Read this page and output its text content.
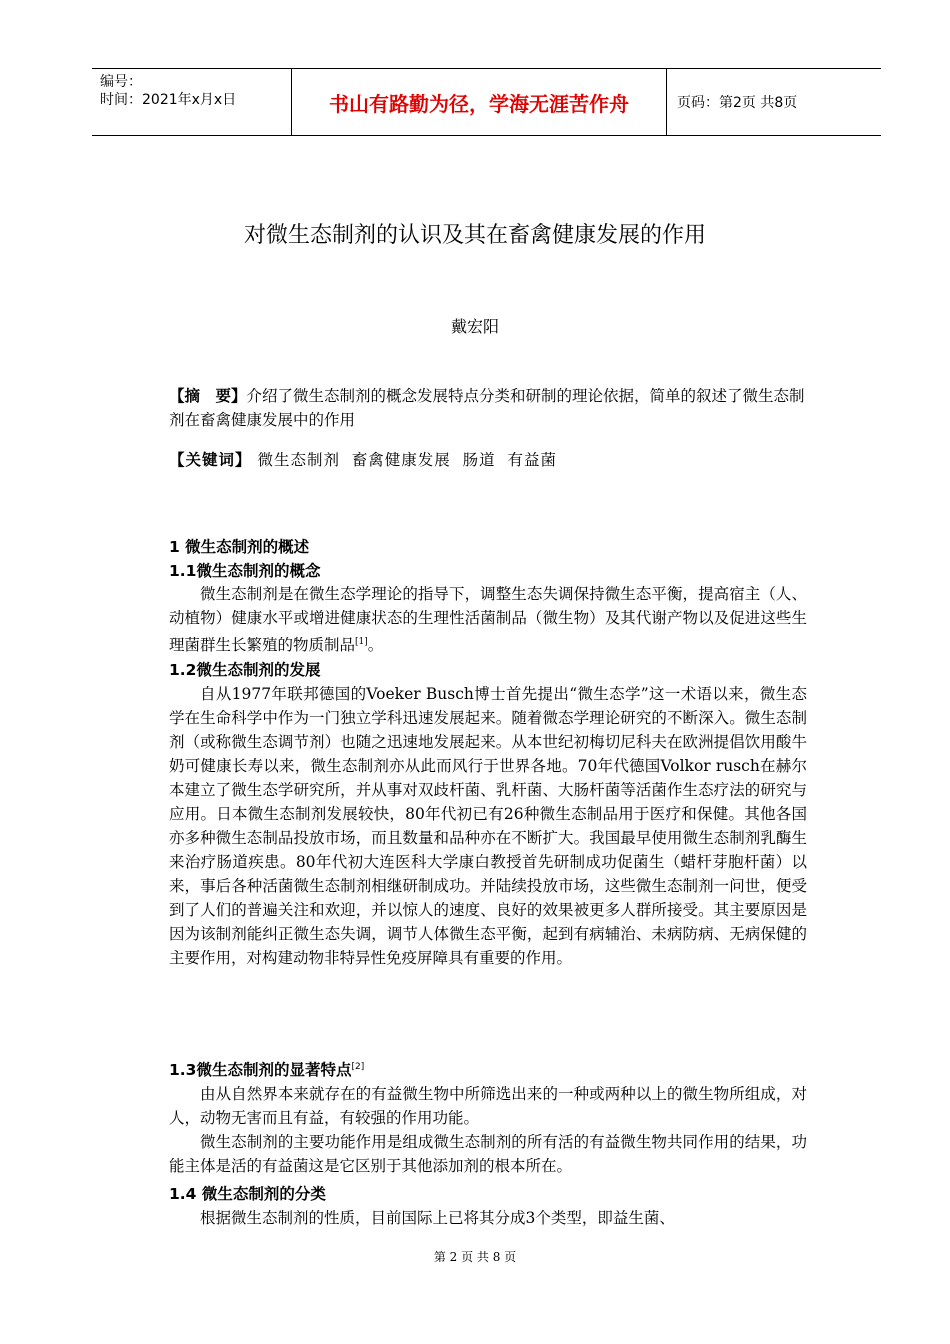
编号：
时间：2021年x月x日	书山有路勤为径，学海无涯苦作舟	页码：第2页 共8页
对微生态制剂的认识及其在畜禽健康发展的作用
戴宏阳
【摘　要】介绍了微生态制剂的概念发展特点分类和研制的理论依据，简单的叙述了微生态制剂在畜禽健康发展中的作用
【关键词】 微生态制剂  畜禽健康发展  肠道  有益菌
1 微生态制剂的概述
1.1微生态制剂的概念
微生态制剂是在微生态学理论的指导下，调整生态失调保持微生态平衡，提高宿主（人、动植物）健康水平或增进健康状态的生理性活菌制品（微生物）及其代谢产物以及促进这些生理菌群生长繁殖的物质制品[1]。
1.2微生态制剂的发展
自从1977年联邦德国的Voeker Busch博士首先提出“微生态学”这一术语以来，微生态学在生命科学中作为一门独立学科迅速发展起来。随着微态学理论研究的不断深入。微生态制剂（或称微生态调节剂）也随之迅速地发展起来。从本世纪初梅切尼科夫在欧洲提倡饮用酸牛奶可健康长寿以来，微生态制剂亦从此而风行于世界各地。70年代德国Volkor rusch在赫尔本建立了微生态学研究所，并从事对双歧杆菌、乳杆菌、大肠杆菌等活菌作生态疗法的研究与应用。日本微生态制剂发展较快，80年代初已有26种微生态制品用于医疗和保健。其他各国亦多种微生态制品投放市场，而且数量和品种亦在不断扩大。我国最早使用微生态制剂乳酶生来治疗肠道疾患。80年代初大连医科大学康白教授首先研制成功促菌生（蜡杆芽胞杆菌）以来，事后各种活菌微生态制剂相继研制成功。并陆续投放市场，这些微生态制剂一问世，便受到了人们的普遍关注和欢迎，并以惊人的速度、良好的效果被更多人群所接受。其主要原因是因为该制剂能纠正微生态失调，调节人体微生态平衡，起到有病辅治、未病防病、无病保健的主要作用，对构建动物非特异性免疫屏障具有重要的作用。
1.3微生态制剂的显著特点[2]
由从自然界本来就存在的有益微生物中所筛选出来的一种或两种以上的微生物所组成，对人，动物无害而且有益，有较强的作用功能。
微生态制剂的主要功能作用是组成微生态制剂的所有活的有益微生物共同作用的结果，功能主体是活的有益菌这是它区别于其他添加剂的根本所在。
1.4 微生态制剂的分类
根据微生态制剂的性质，目前国际上已将其分成3个类型，即益生菌、
第 2 页 共 8 页
